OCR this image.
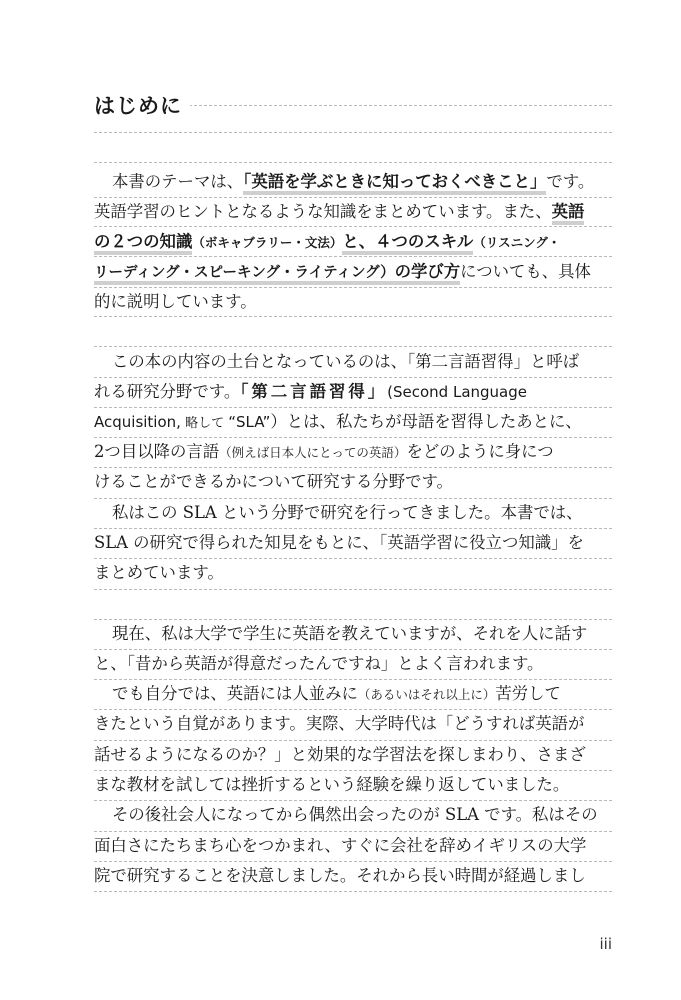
はじめに
本書のテーマは、「英語を学ぶときに知っておくべきこと」です。
英語学習のヒントとなるような知識をまとめています。また、英語
の２つの知識（ボキャブラリー・文法）と、４つのスキル（リスニング・
リーディング・スピーキング・ライティング）の学び方についても、具体
的に説明しています。
この本の内容の土台となっているのは、「第二言語習得」と呼ば
れる研究分野です。「第二言語習得」(Second Language
Acquisition, 略して “SLA”）とは、私たちが母語を習得したあとに、
2つ目以降の言語（例えば日本人にとっての英語）をどのように身につ
けることができるかについて研究する分野です。
私はこの SLA という分野で研究を行ってきました。本書では、
SLA の研究で得られた知見をもとに、「英語学習に役立つ知識」を
まとめています。
現在、私は大学で学生に英語を教えていますが、それを人に話す
と、「昔から英語が得意だったんですね」とよく言われます。
でも自分では、英語には人並みに（あるいはそれ以上に）苦労して
きたという自覚があります。実際、大学時代は「どうすれば英語が
話せるようになるのか？」と効果的な学習法を探しまわり、さまざ
まな教材を試しては挫折するという経験を繰り返していました。
その後社会人になってから偶然出会ったのが SLA です。私はその
面白さにたちまち心をつかまれ、すぐに会社を辞めイギリスの大学
院で研究することを決意しました。それから長い時間が経過しまし
iii
